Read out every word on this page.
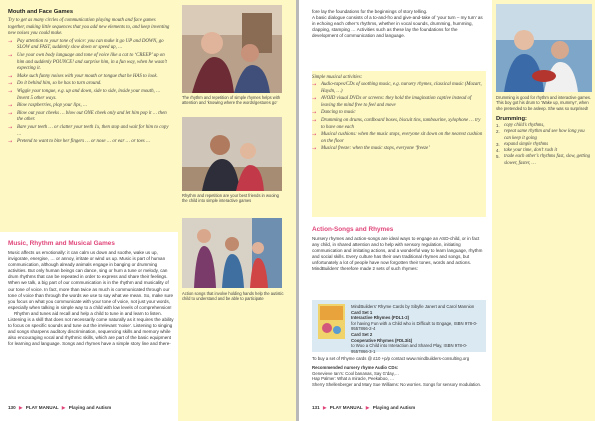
Mouth and Face Games
Try to get as many circles of communication playing mouth and face games together, making little sequences that you add new elements to, and keep inventing new noises you could make.
→ Pay attention to your tone of voice: you can make it go UP and DOWN, go SLOW and FAST, suddenly slow down or speed up, …
→ Use your own body language and tone of voice like a cat to ‘CREEP’ up on him and suddenly POUNCE! and surprise him, in a fun way, when he wasn’t expecting it.
→ Make such funny noises with your mouth or tongue that he HAS to look.
→ Do it behind him, so he has to turn around.
→ Wiggle your tongue, e.g. up and down, side to side, inside your mouth, … Invent 5 other ways.
→ Blow raspberries, plop your lips, …
→ Blow out your cheeks … blow out ONE cheek only and let him pop it … then the other.
→ Bare your teeth … or clatter your teeth 1x, then stop and wait for him to copy …
→ Pretend to want to bite her fingers … or nose … or ear … or toes …
Music, Rhythm and Musical Games

Music affects us emotionally: it can calm us down and soothe, wake us up, invigorate, energise, … or annoy, irritate or wind us up. Music is part of human communication, although already animals engage in banging or drumming activities. But only human beings can dance, sing or hum a tune or melody, can drum rhythms that can be repeated in order to express and share their feelings. When we talk, a big part of our communication is in the rhythm and musicality of our tone of voice. In fact, more than twice as much is communicated through our tone of voice than through the words we use to say what we mean. So, make sure you focus on what you communicate with your tone of voice, not just your words, especially when talking in simple way to a child with low levels of comprehension!

Rhythm and tunes aid recall and help a child to tune in and learn to listen. Listening is a skill that does not necessarily come naturally as it requires the ability to focus on specific sounds and tune out the irrelevant ‘noise’. Listening to singing and songs sharpens auditory discrimination, sequencing skills and memory while also encouraging vocal and rhythmic skills, which are part of the basic equipment for learning and language. Songs and rhymes have a simple story line and there-

The rhythm and repetition of simple rhymes helps with attention and ‘knowing where the words/gestures go’
Rhythm and repetition are your best friends in wooing the child into simple interactive games
Action songs that involve holding hands help the autistic child to understand and be able to participate
130 ▶ PLAY MANUAL ▶ Playing and Autism
fore lay the foundations for the beginnings of story telling.
A basic dialogue consists of a to-and-fro and give-and-take of ‘your turn – my turn’ as in echoing each other’s rhythms, whether in vocal sounds, drumming, humming, clapping, stamping … Activities such as these lay the foundations for the development of communication and language.
Simple musical activities:
→ Audio-tapes/CDs of soothing music, e.g. nursery rhymes, classical music (Mozart, Haydn, …)
→ AVOID visual DVDs or screens: they hold the imagination captive instead of leaving the mind free to feel and move
→ Dancing to music
→ Drumming on drums, cardboard boxes, biscuit tins, tambourine, xylophone … try to have one each
→ Musical cushions: when the music stops, everyone sit down on the nearest cushion on the floor
→ Musical freeze: when the music stops, everyone ‘freeze’
Action-Songs and Rhymes

Nursery rhymes and action-songs are ideal ways to engage an ASD-child, or in fact any child, in shared attention and to help with sensory regulation, initiating communication and imitating actions, and a wonderful way to learn language, rhythm and social skills. Every culture has their own traditional rhymes and songs, but unfortunately a lot of people have now forgotten their tones, words and actions. MindBuilders’ therefore made 2 sets of such rhymes:

MindBuilders’ Rhyme Cards by Sibylle Janert and Carol Mannion
Card Set 1
Interactive Rhymes (FDL1-2)
for having Fun with a Child who is Difficult to Engage, ISBN 978-0-9557866-2-4
Card Set 2
Cooperative Rhymes (FDL3/4)
to Woo a Child into Interaction and Shared Play, ISBN 978-0-9557866-3-1
To buy a set of Rhyme cards @ £10 +p/p contact www.mindbuilders-consulting.org
Recommended nursery rhyme Audio CDs:
Genevieve Ian’s: Cool bananas, Say G’day,…
Hap Palmer: What a miracle, Peekaboo, …
Sherry Shellenberger and Mary Sue Williams: No worries. Songs for sensory modulation.
Drumming is good for rhythm and interactive games. This boy got his drum to ‘Wake up, mummy!’, when she pretended to be asleep. She was so surprised!
Drumming:
1. copy child’s rhythms,
2. repeat same rhythm and see how long you can keep it going
3. expand simple rhythms
4. take your time, don’t rush it
5. trade each other’s rhythms fast, slow, getting slower, faster, …
131 ▶ PLAY MANUAL ▶ Playing and Autism
